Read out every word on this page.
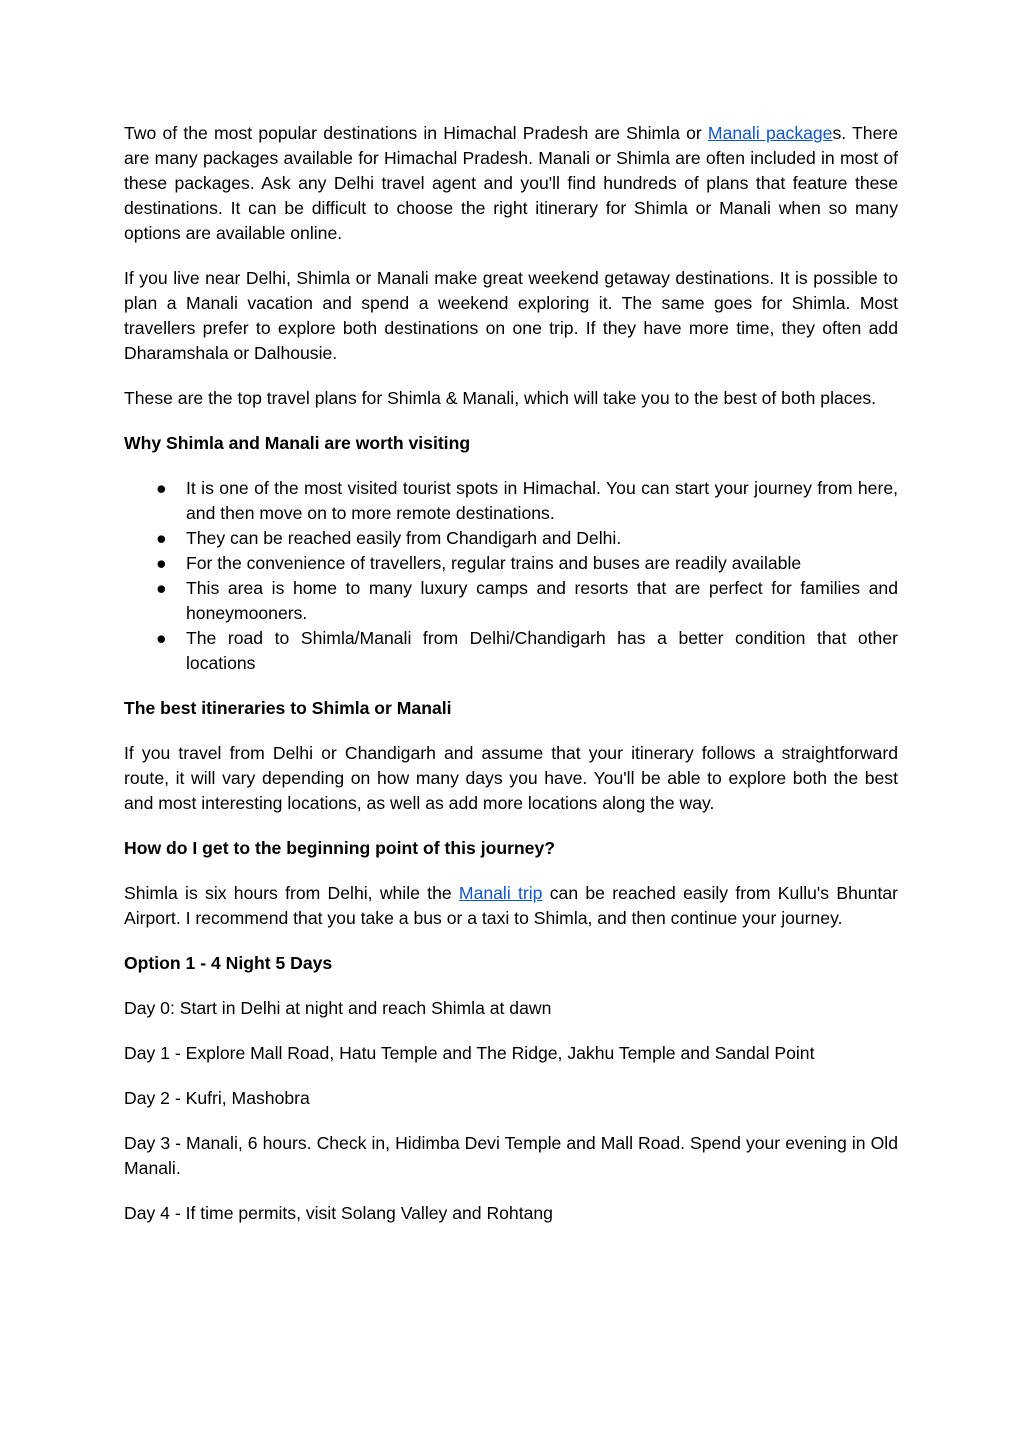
Two of the most popular destinations in Himachal Pradesh are Shimla or Manali packages. There are many packages available for Himachal Pradesh. Manali or Shimla are often included in most of these packages. Ask any Delhi travel agent and you'll find hundreds of plans that feature these destinations. It can be difficult to choose the right itinerary for Shimla or Manali when so many options are available online.

If you live near Delhi, Shimla or Manali make great weekend getaway destinations. It is possible to plan a Manali vacation and spend a weekend exploring it. The same goes for Shimla. Most travellers prefer to explore both destinations on one trip. If they have more time, they often add Dharamshala or Dalhousie.

These are the top travel plans for Shimla & Manali, which will take you to the best of both places.

Why Shimla and Manali are worth visiting

● It is one of the most visited tourist spots in Himachal. You can start your journey from here, and then move on to more remote destinations.
● They can be reached easily from Chandigarh and Delhi.
● For the convenience of travellers, regular trains and buses are readily available
● This area is home to many luxury camps and resorts that are perfect for families and honeymooners.
● The road to Shimla/Manali from Delhi/Chandigarh has a better condition that other locations

The best itineraries to Shimla or Manali

If you travel from Delhi or Chandigarh and assume that your itinerary follows a straightforward route, it will vary depending on how many days you have. You'll be able to explore both the best and most interesting locations, as well as add more locations along the way.

How do I get to the beginning point of this journey?

Shimla is six hours from Delhi, while the Manali trip can be reached easily from Kullu's Bhuntar Airport. I recommend that you take a bus or a taxi to Shimla, and then continue your journey.

Option 1 - 4 Night 5 Days

Day 0: Start in Delhi at night and reach Shimla at dawn

Day 1 - Explore Mall Road, Hatu Temple and The Ridge, Jakhu Temple and Sandal Point

Day 2 - Kufri, Mashobra

Day 3 - Manali, 6 hours. Check in, Hidimba Devi Temple and Mall Road. Spend your evening in Old Manali.

Day 4 - If time permits, visit Solang Valley and Rohtang
